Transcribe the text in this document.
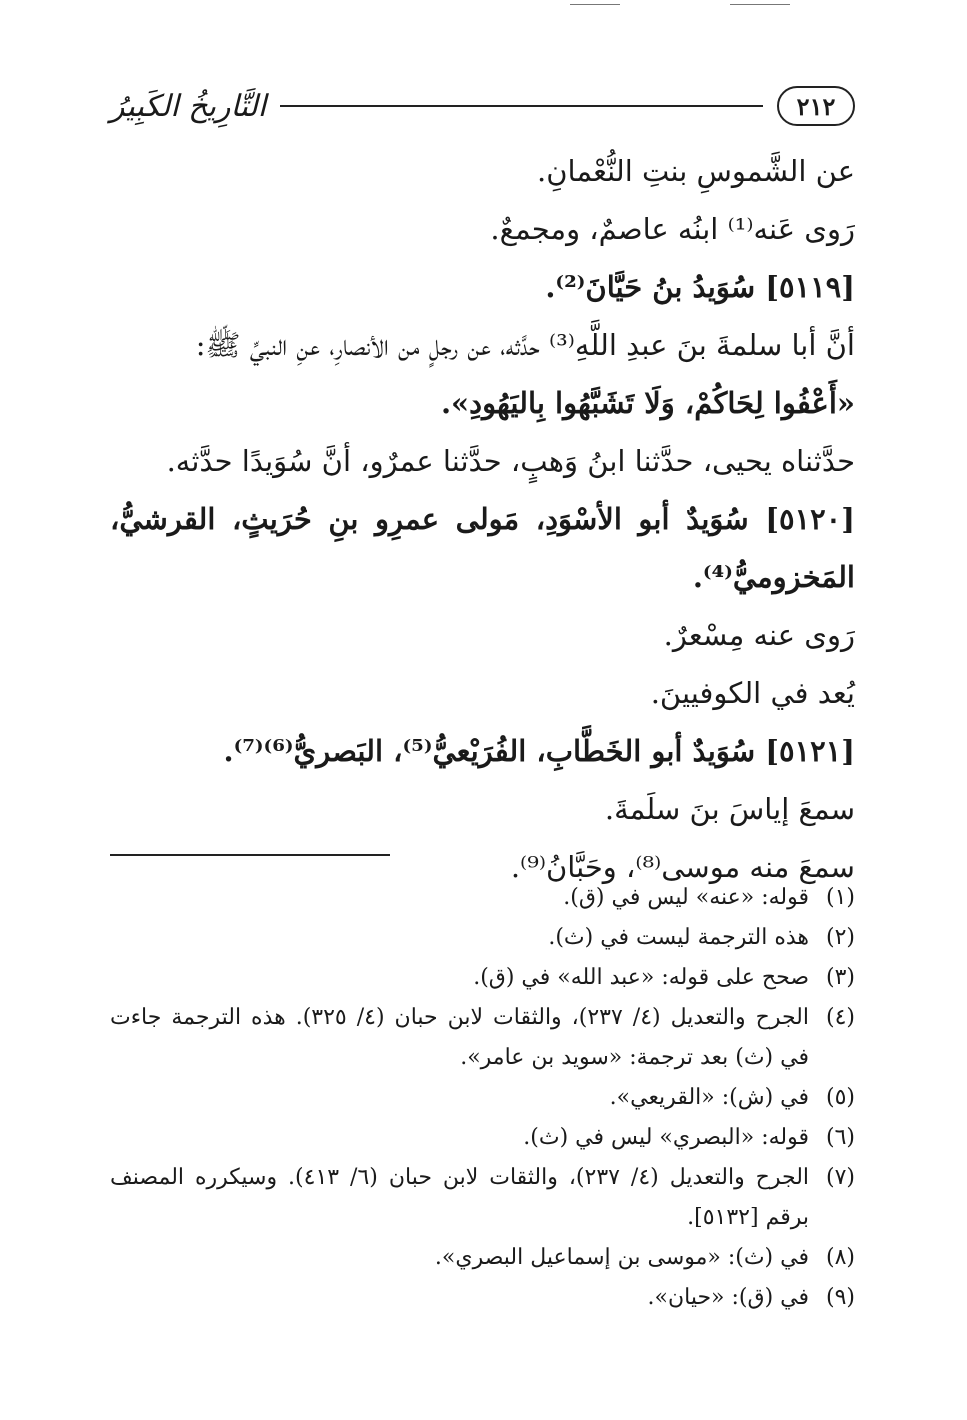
٢١٢
التَّارِيخُ الكَبِيرُ

عن الشَّموسِ بنتِ النُّعْمانِ.

رَوى عَنه⁽¹⁾ ابنُه عاصمٌ، ومجمعٌ.

[٥١١٩] سُوَيدُ بنُ حَيَّانَ⁽²⁾.

أنَّ أبا سلمةَ بنَ عبدِ اللَّهِ⁽³⁾ حدَّثه، عن رجلٍ من الأنصارِ، عنِ النبيِّ ﷺ:

«أَعْفُوا لِحَاكُمْ، وَلَا تَشَبَّهُوا بِاليَهُودِ».

حدَّثناه يحيى، حدَّثنا ابنُ وَهبٍ، حدَّثنا عمرٌو، أنَّ سُوَيدًا حدَّثه.

[٥١٢٠] سُوَيدٌ أبو الأسْوَدِ، مَولى عمرِو بنِ حُرَيثٍ، القرشيُّ، المَخزوميُّ⁽⁴⁾.

رَوى عنه مِسْعرٌ.

يُعد في الكوفيينَ.

[٥١٢١] سُوَيدٌ أبو الخَطَّابِ، الفُرَيْعيُّ⁽⁵⁾، البَصريُّ⁽⁶⁾⁽⁷⁾.

سمعَ إياسَ بنَ سلَمةَ.

سمعَ منه موسى⁽⁸⁾، وحَبَّانُ⁽⁹⁾.

(١)
قوله: «عنه» ليس في (ق).
(٢)
هذه الترجمة ليست في (ث).
(٣)
صحح على قوله: «عبد الله» في (ق).
(٤)
الجرح والتعديل (٤/ ٢٣٧)، والثقات لابن حبان (٤/ ٣٢٥). هذه الترجمة جاءت في (ث) بعد ترجمة: «سويد بن عامر».
(٥)
في (ش): «القريعي».
(٦)
قوله: «البصري» ليس في (ث).
(٧)
الجرح والتعديل (٤/ ٢٣٧)، والثقات لابن حبان (٦/ ٤١٣). وسيكرره المصنف برقم [٥١٣٢].
(٨)
في (ث): «موسى بن إسماعيل البصري».
(٩)
في (ق): «حيان».
